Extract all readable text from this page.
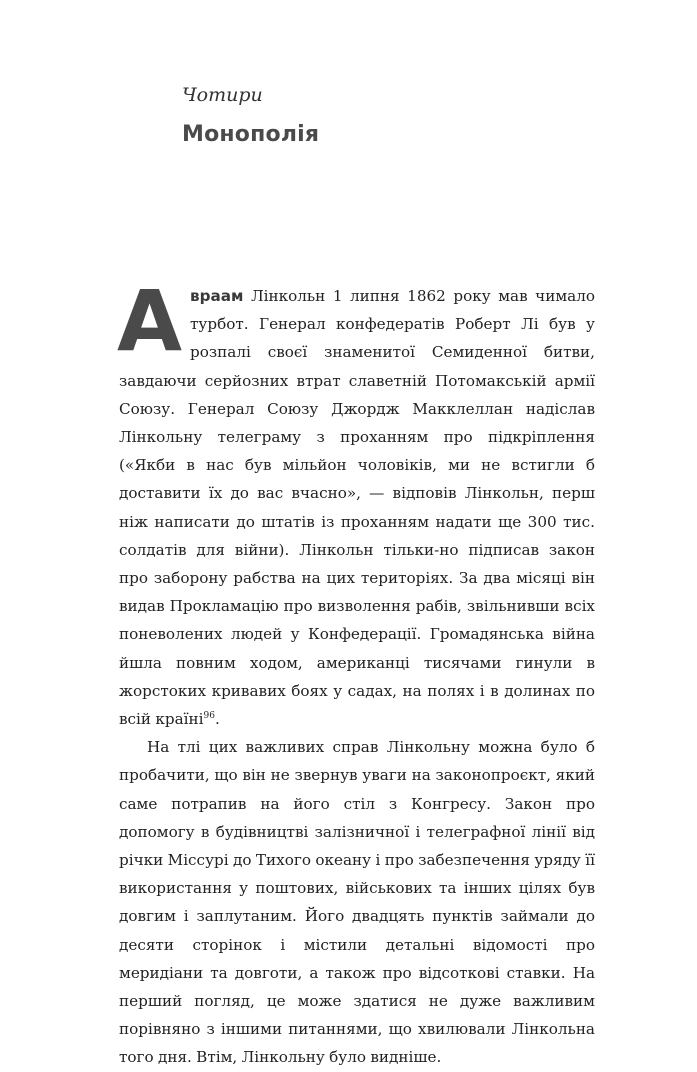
Чотири
Монополія

Авраам Лінкольн 1 липня 1862 року мав чимало турбот. Генерал конфедератів Роберт Лі був у розпалі своєї знаменитої Семиденної битви, завдаючи серйозних втрат славетній Потомакській армії Союзу. Генерал Союзу Джордж Макклеллан надіслав Лінкольну телеграму з проханням про підкріплення («Якби в нас був мільйон чоловіків, ми не встигли б доставити їх до вас вчасно», — відповів Лінкольн, перш ніж написати до штатів із проханням надати ще 300 тис. солдатів для війни). Лінкольн тільки-но підписав закон про заборону рабства на цих територіях. За два місяці він видав Прокламацію про визволення рабів, звільнивши всіх поневолених людей у Конфедерації. Громадянська війна йшла повним ходом, американці тисячами гинули в жорстоких кривавих боях у садах, на полях і в долинах по всій країні$^{96}$.

На тлі цих важливих справ Лінкольну можна було б пробачити, що він не звернув уваги на законопроєкт, який саме потрапив на його стіл з Конгресу. Закон про допомогу в будівництві залізничної і телеграфної лінії від річки Міссурі до Тихого океану і про забезпечення уряду її використання у поштових, військових та інших цілях був довгим і заплутаним. Його двадцять пунктів займали до десяти сторінок і містили детальні відомості про меридіани та довготи, а також про відсоткові ставки. На перший погляд, це може здатися не дуже важливим порівняно з іншими питаннями, що хвилювали Лінкольна того дня. Втім, Лінкольну було видніше.
